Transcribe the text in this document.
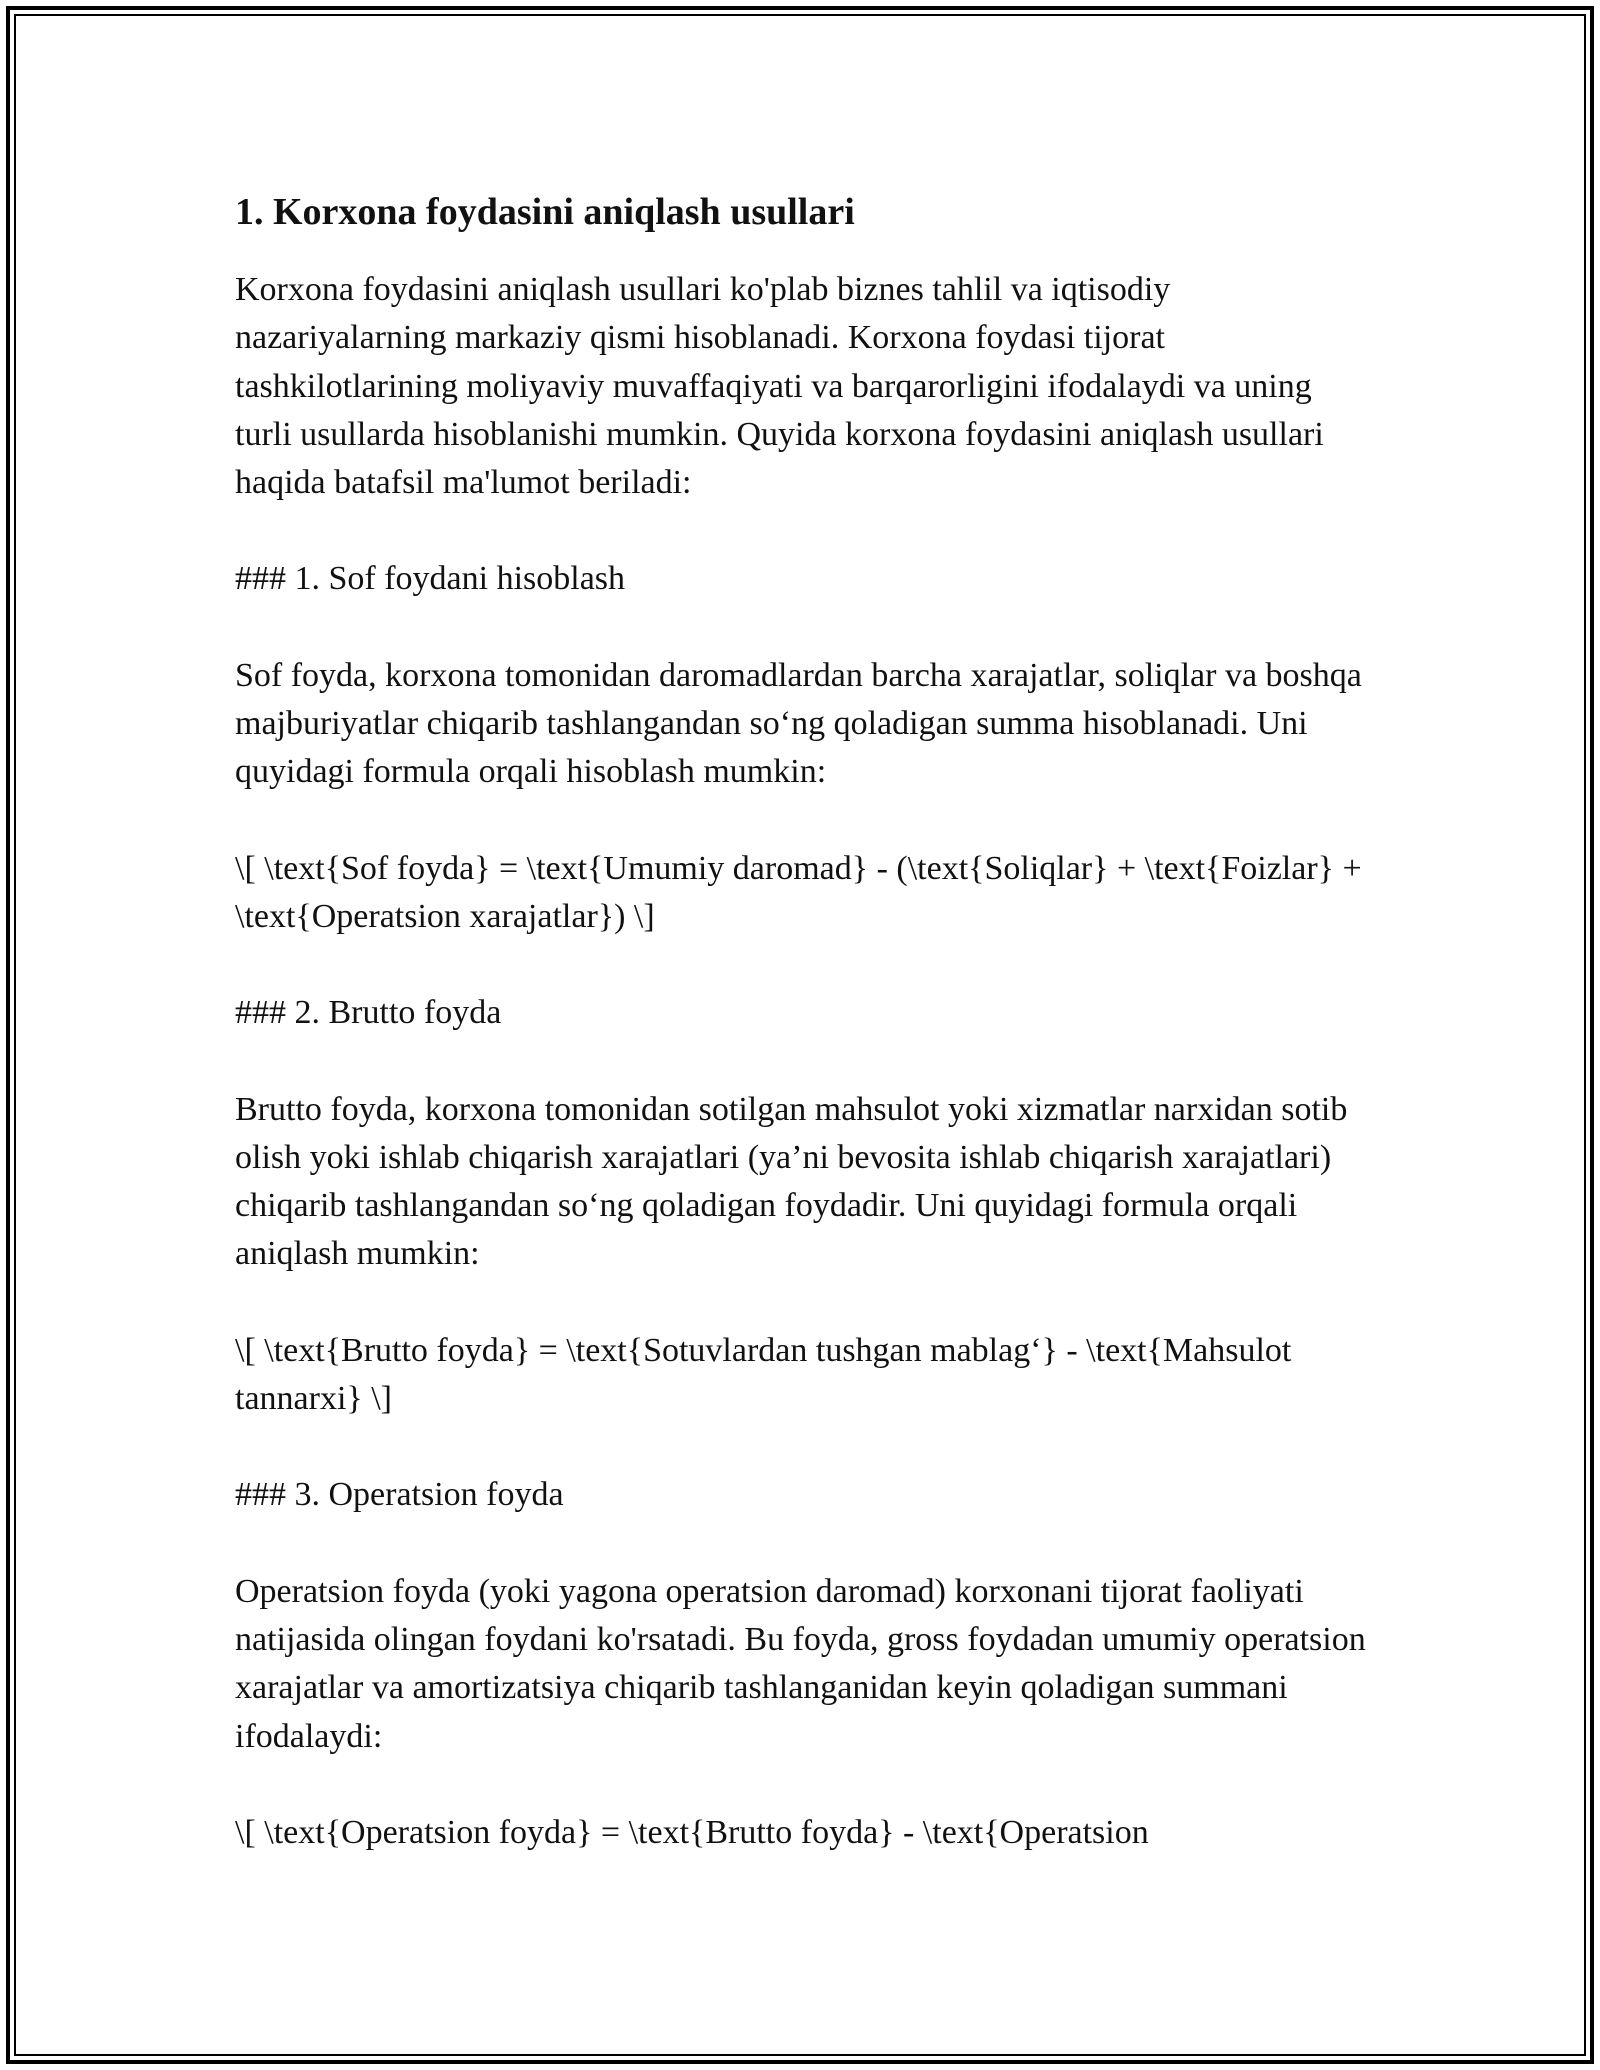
1. Korxona foydasini aniqlash usullari

Korxona foydasini aniqlash usullari ko'plab biznes tahlil va iqtisodiy nazariyalarning markaziy qismi hisoblanadi. Korxona foydasi tijorat tashkilotlarining moliyaviy muvaffaqiyati va barqarorligini ifodalaydi va uning turli usullarda hisoblanishi mumkin. Quyida korxona foydasini aniqlash usullari haqida batafsil ma'lumot beriladi:

### 1. Sof foydani hisoblash

Sof foyda, korxona tomonidan daromadlardan barcha xarajatlar, soliqlar va boshqa majburiyatlar chiqarib tashlangandan so‘ng qoladigan summa hisoblanadi. Uni quyidagi formula orqali hisoblash mumkin:

\[ \text{Sof foyda} = \text{Umumiy daromad} - (\text{Soliqlar} + \text{Foizlar} + \text{Operatsion xarajatlar}) \]

### 2. Brutto foyda

Brutto foyda, korxona tomonidan sotilgan mahsulot yoki xizmatlar narxidan sotib olish yoki ishlab chiqarish xarajatlari (ya’ni bevosita ishlab chiqarish xarajatlari) chiqarib tashlangandan so‘ng qoladigan foydadir. Uni quyidagi formula orqali aniqlash mumkin:

\[ \text{Brutto foyda} = \text{Sotuvlardan tushgan mablag‘} - \text{Mahsulot tannarxi} \]

### 3. Operatsion foyda

Operatsion foyda (yoki yagona operatsion daromad) korxonani tijorat faoliyati natijasida olingan foydani ko'rsatadi. Bu foyda, gross foydadan umumiy operatsion xarajatlar va amortizatsiya chiqarib tashlanganidan keyin qoladigan summani ifodalaydi:

\[ \text{Operatsion foyda} = \text{Brutto foyda} - \text{Operatsion
